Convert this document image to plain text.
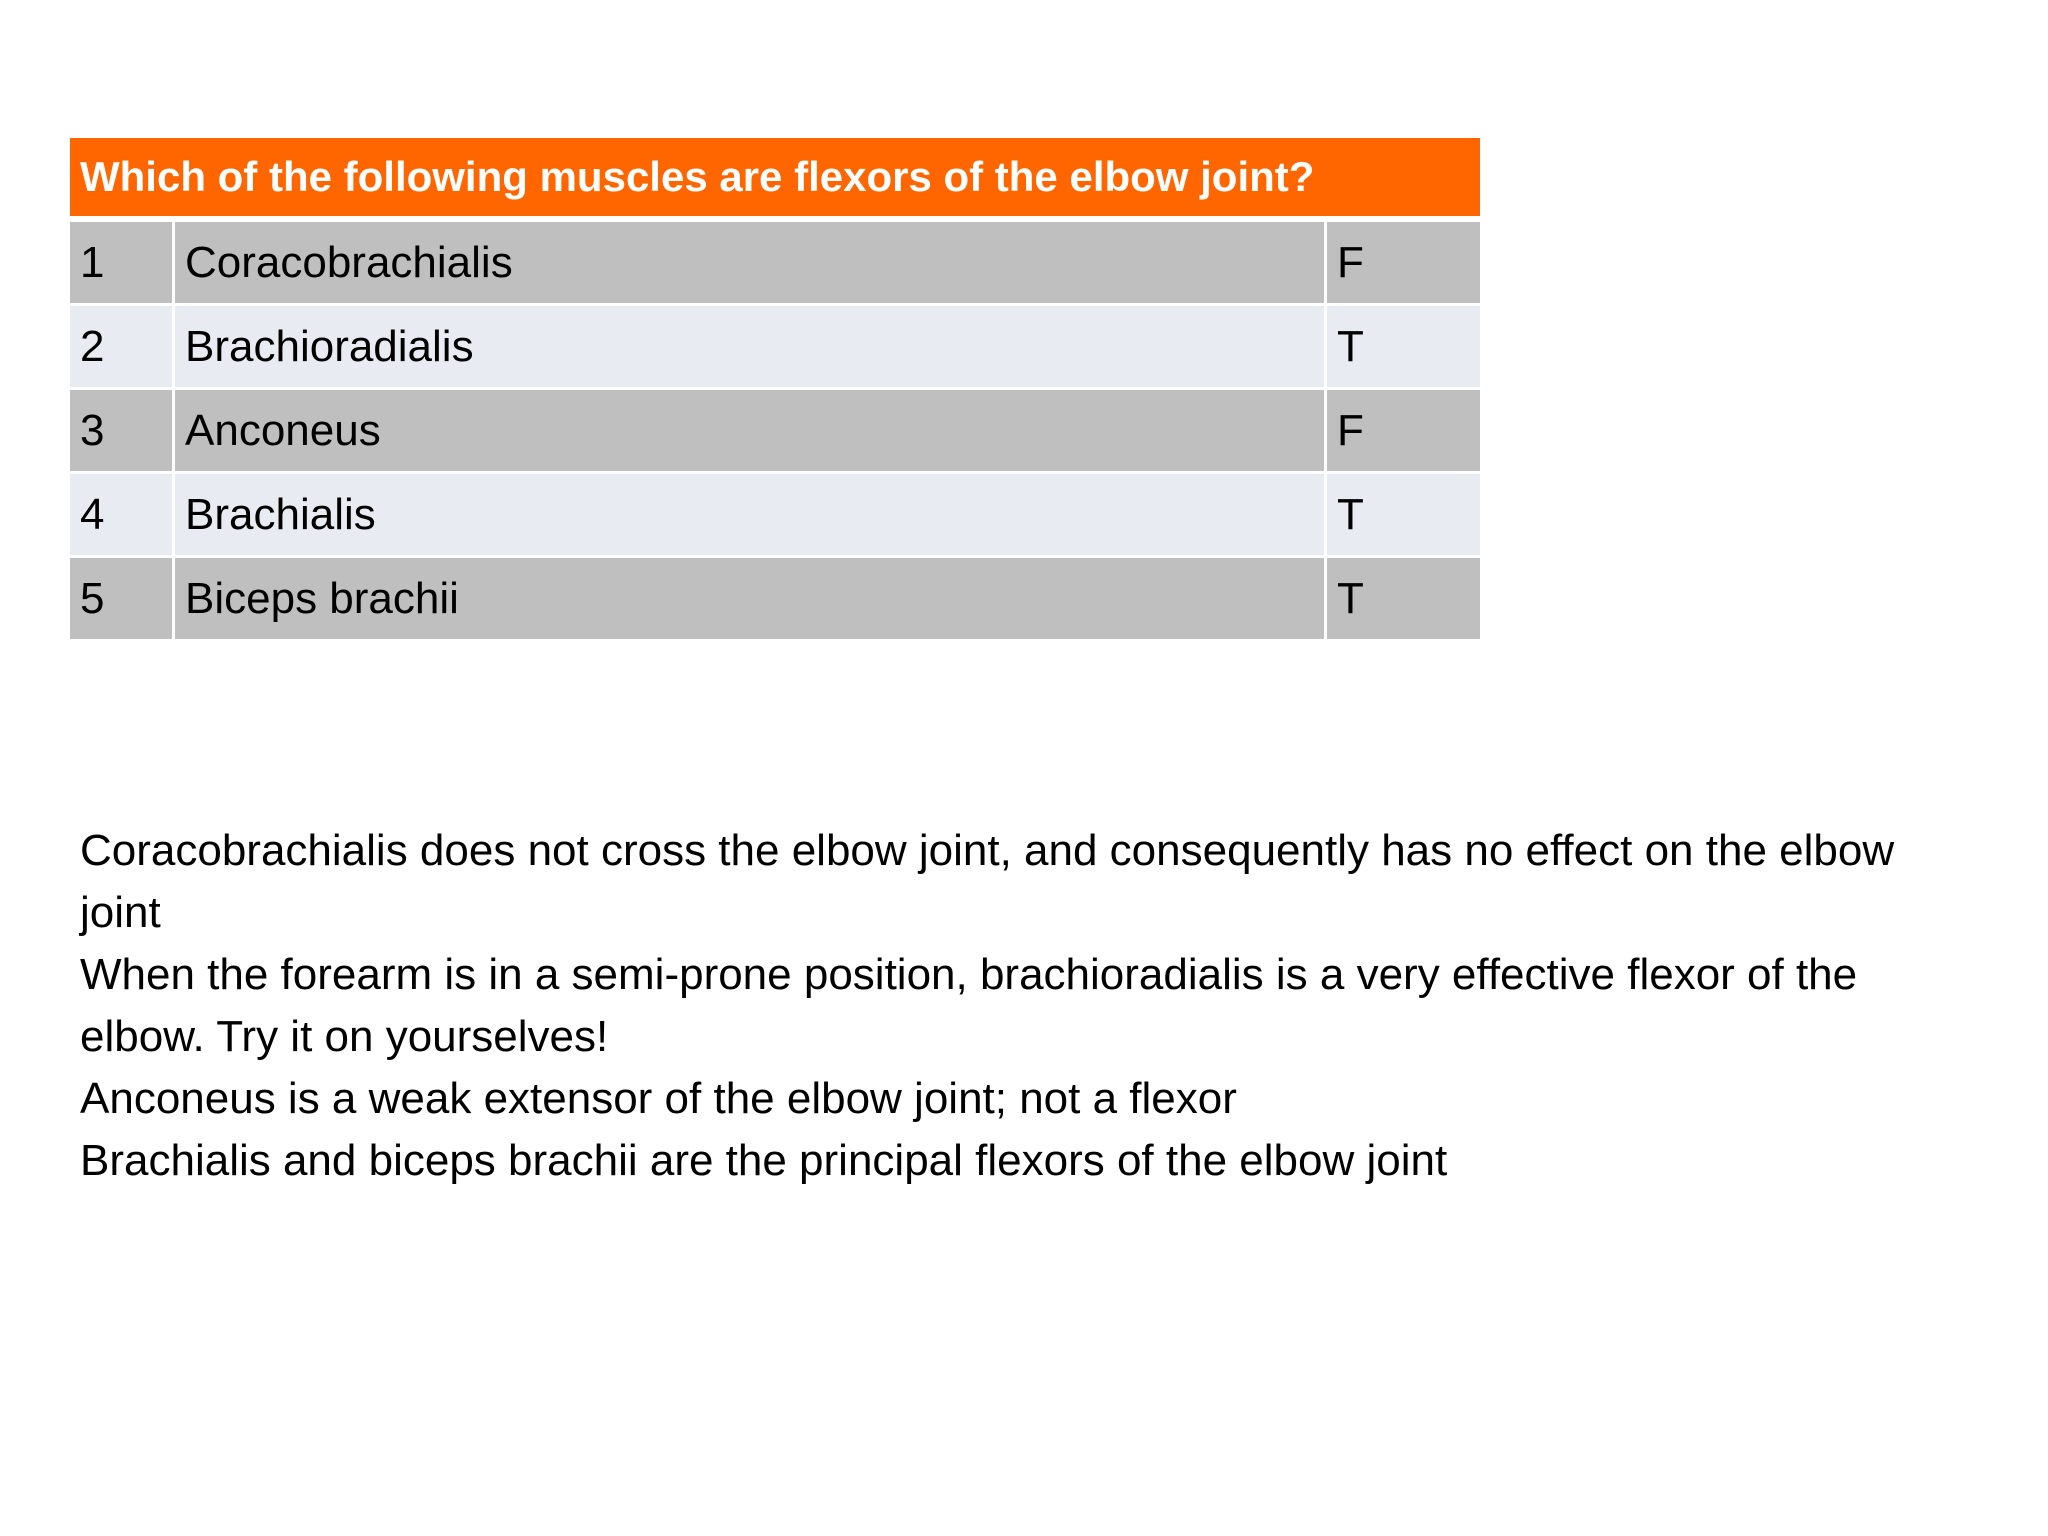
Which of the following muscles are flexors of the elbow joint?
1	Coracobrachialis	F
2	Brachioradialis	T
3	Anconeus	F
4	Brachialis	T
5	Biceps brachii	T

Coracobrachialis does not cross the elbow joint, and consequently has no effect on the elbow joint

When the forearm is in a semi-prone position, brachioradialis is a very effective flexor of the elbow. Try it on yourselves!

Anconeus is a weak extensor of the elbow joint; not a flexor

Brachialis and biceps brachii are the principal flexors of the elbow joint
